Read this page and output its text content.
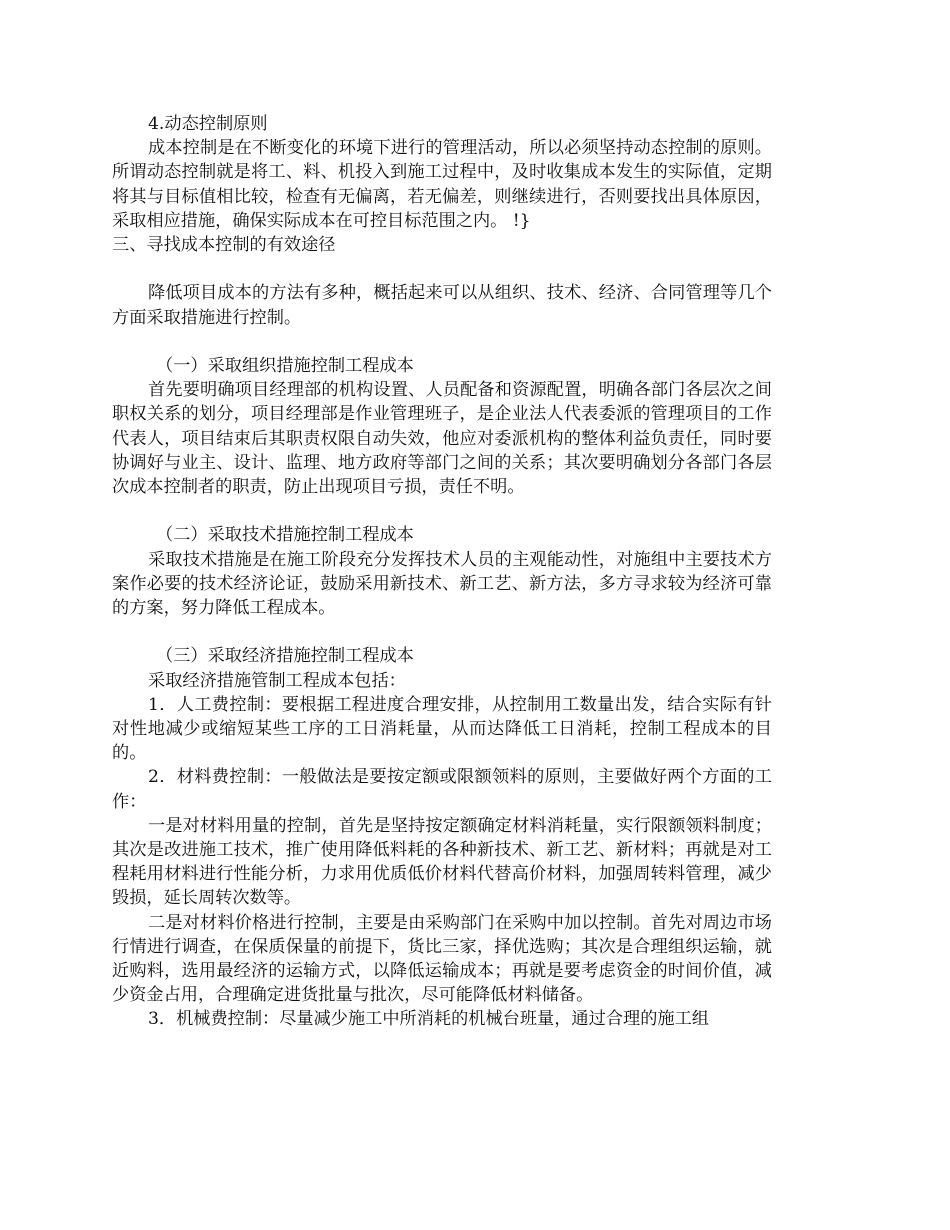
4.动态控制原则

成本控制是在不断变化的环境下进行的管理活动，所以必须坚持动态控制的原则。所谓动态控制就是将工、料、机投入到施工过程中，及时收集成本发生的实际值，定期将其与目标值相比较，检查有无偏离，若无偏差，则继续进行，否则要找出具体原因，采取相应措施，确保实际成本在可控目标范围之内。 !}

三、寻找成本控制的有效途径

降低项目成本的方法有多种，概括起来可以从组织、技术、经济、合同管理等几个方面采取措施进行控制。

（一）采取组织措施控制工程成本

首先要明确项目经理部的机构设置、人员配备和资源配置，明确各部门各层次之间职权关系的划分，项目经理部是作业管理班子，是企业法人代表委派的管理项目的工作代表人，项目结束后其职责权限自动失效，他应对委派机构的整体利益负责任，同时要协调好与业主、设计、监理、地方政府等部门之间的关系；其次要明确划分各部门各层次成本控制者的职责，防止出现项目亏损，责任不明。

（二）采取技术措施控制工程成本

采取技术措施是在施工阶段充分发挥技术人员的主观能动性，对施组中主要技术方案作必要的技术经济论证，鼓励采用新技术、新工艺、新方法，多方寻求较为经济可靠的方案，努力降低工程成本。

（三）采取经济措施控制工程成本

采取经济措施管制工程成本包括：

1．人工费控制：要根据工程进度合理安排，从控制用工数量出发，结合实际有针对性地减少或缩短某些工序的工日消耗量，从而达降低工日消耗，控制工程成本的目的。

2．材料费控制：一般做法是要按定额或限额领料的原则，主要做好两个方面的工作：

一是对材料用量的控制，首先是坚持按定额确定材料消耗量，实行限额领料制度；其次是改进施工技术，推广使用降低料耗的各种新技术、新工艺、新材料；再就是对工程耗用材料进行性能分析，力求用优质低价材料代替高价材料，加强周转料管理，减少毁损，延长周转次数等。

二是对材料价格进行控制，主要是由采购部门在采购中加以控制。首先对周边市场行情进行调查，在保质保量的前提下，货比三家，择优选购；其次是合理组织运输，就近购料，选用最经济的运输方式，以降低运输成本；再就是要考虑资金的时间价值，减少资金占用，合理确定进货批量与批次，尽可能降低材料储备。

3．机械费控制：尽量减少施工中所消耗的机械台班量，通过合理的施工组
